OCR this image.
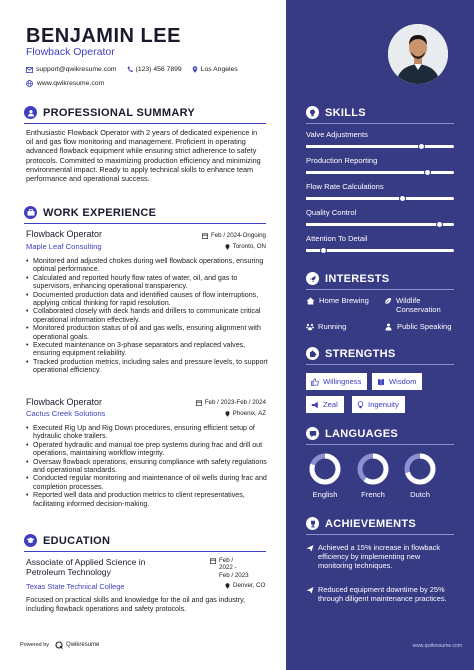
BENJAMIN LEE
Flowback Operator
support@qwikresume.com	(123) 456 7899	Los Angeles
www.qwikresume.com
PROFESSIONAL SUMMARY
Enthusiastic Flowback Operator with 2 years of dedicated experience in oil and gas flow monitoring and management. Proficient in operating advanced flowback equipment while ensuring strict adherence to safety protocols. Committed to maximizing production efficiency and minimizing environmental impact. Ready to apply technical skills to enhance team performance and operational success.
WORK EXPERIENCE
Flowback Operator	Feb / 2024-Ongoing
Maple Leaf Consulting	Toronto, ON
• Monitored and adjusted chokes during well flowback operations, ensuring optimal performance.
• Calculated and reported hourly flow rates of water, oil, and gas to supervisors, enhancing operational transparency.
• Documented production data and identified causes of flow interruptions, applying critical thinking for rapid resolution.
• Collaborated closely with deck hands and drillers to communicate critical operational information effectively.
• Monitored production status of oil and gas wells, ensuring alignment with operational goals.
• Executed maintenance on 3-phase separators and replaced valves, ensuring equipment reliability.
• Tracked production metrics, including sales and pressure levels, to support operational efficiency.
Flowback Operator	Feb / 2023-Feb / 2024
Cactus Creek Solutions	Phoenix, AZ
• Executed Rig Up and Rig Down procedures, ensuring efficient setup of hydraulic choke trailers.
• Operated hydraulic and manual toe prep systems during frac and drill out operations, maintaining workflow integrity.
• Oversaw flowback operations, ensuring compliance with safety regulations and operational standards.
• Conducted regular monitoring and maintenance of oil wells during frac and completion processes.
• Reported well data and production metrics to client representatives, facilitating informed decision-making.
EDUCATION
Associate of Applied Science in Petroleum Technology
Feb /
2022 -
Feb / 2023
Texas State Technical College	Denver, CO
Focused on practical skills and knowledge for the oil and gas industry, including flowback operations and safety protocols.
Powered by	Qwikresume
SKILLS
Valve Adjustments
Production Reporting
Flow Rate Calculations
Quality Control
Attention To Detail
INTERESTS
Home Brewing	Wildlife Conservation
Running	Public Speaking
STRENGTHS
Willingness	Wisdom
Zeal	Ingenuity
LANGUAGES
English	French	Dutch
ACHIEVEMENTS
Achieved a 15% increase in flowback efficiency by implementing new monitoring techniques.
Reduced equipment downtime by 25% through diligent maintenance practices.
www.qwikresume.com
